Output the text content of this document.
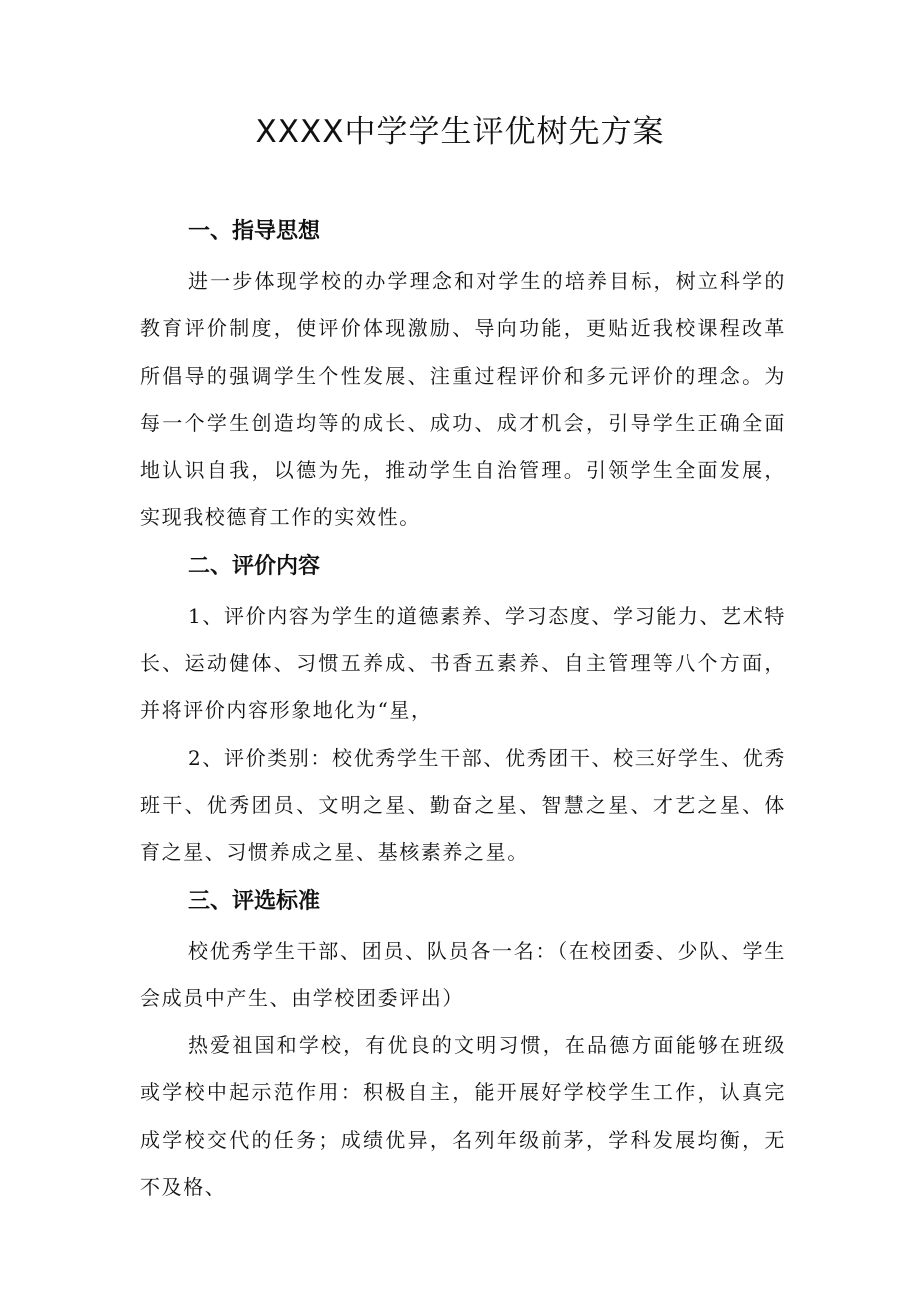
XXXX中学学生评优树先方案
一、指导思想

进一步体现学校的办学理念和对学生的培养目标，树立科学的教育评价制度，使评价体现激励、导向功能，更贴近我校课程改革所倡导的强调学生个性发展、注重过程评价和多元评价的理念。为每一个学生创造均等的成长、成功、成才机会，引导学生正确全面地认识自我，以德为先，推动学生自治管理。引领学生全面发展，实现我校德育工作的实效性。

二、评价内容

1、评价内容为学生的道德素养、学习态度、学习能力、艺术特长、运动健体、习惯五养成、书香五素养、自主管理等八个方面，并将评价内容形象地化为“星，

2、评价类别：校优秀学生干部、优秀团干、校三好学生、优秀班干、优秀团员、文明之星、勤奋之星、智慧之星、才艺之星、体育之星、习惯养成之星、基核素养之星。

三、评选标准

校优秀学生干部、团员、队员各一名：（在校团委、少队、学生会成员中产生、由学校团委评出）

热爱祖国和学校，有优良的文明习惯，在品德方面能够在班级或学校中起示范作用：积极自主，能开展好学校学生工作，认真完成学校交代的任务；成绩优异，名列年级前茅，学科发展均衡，无不及格、
